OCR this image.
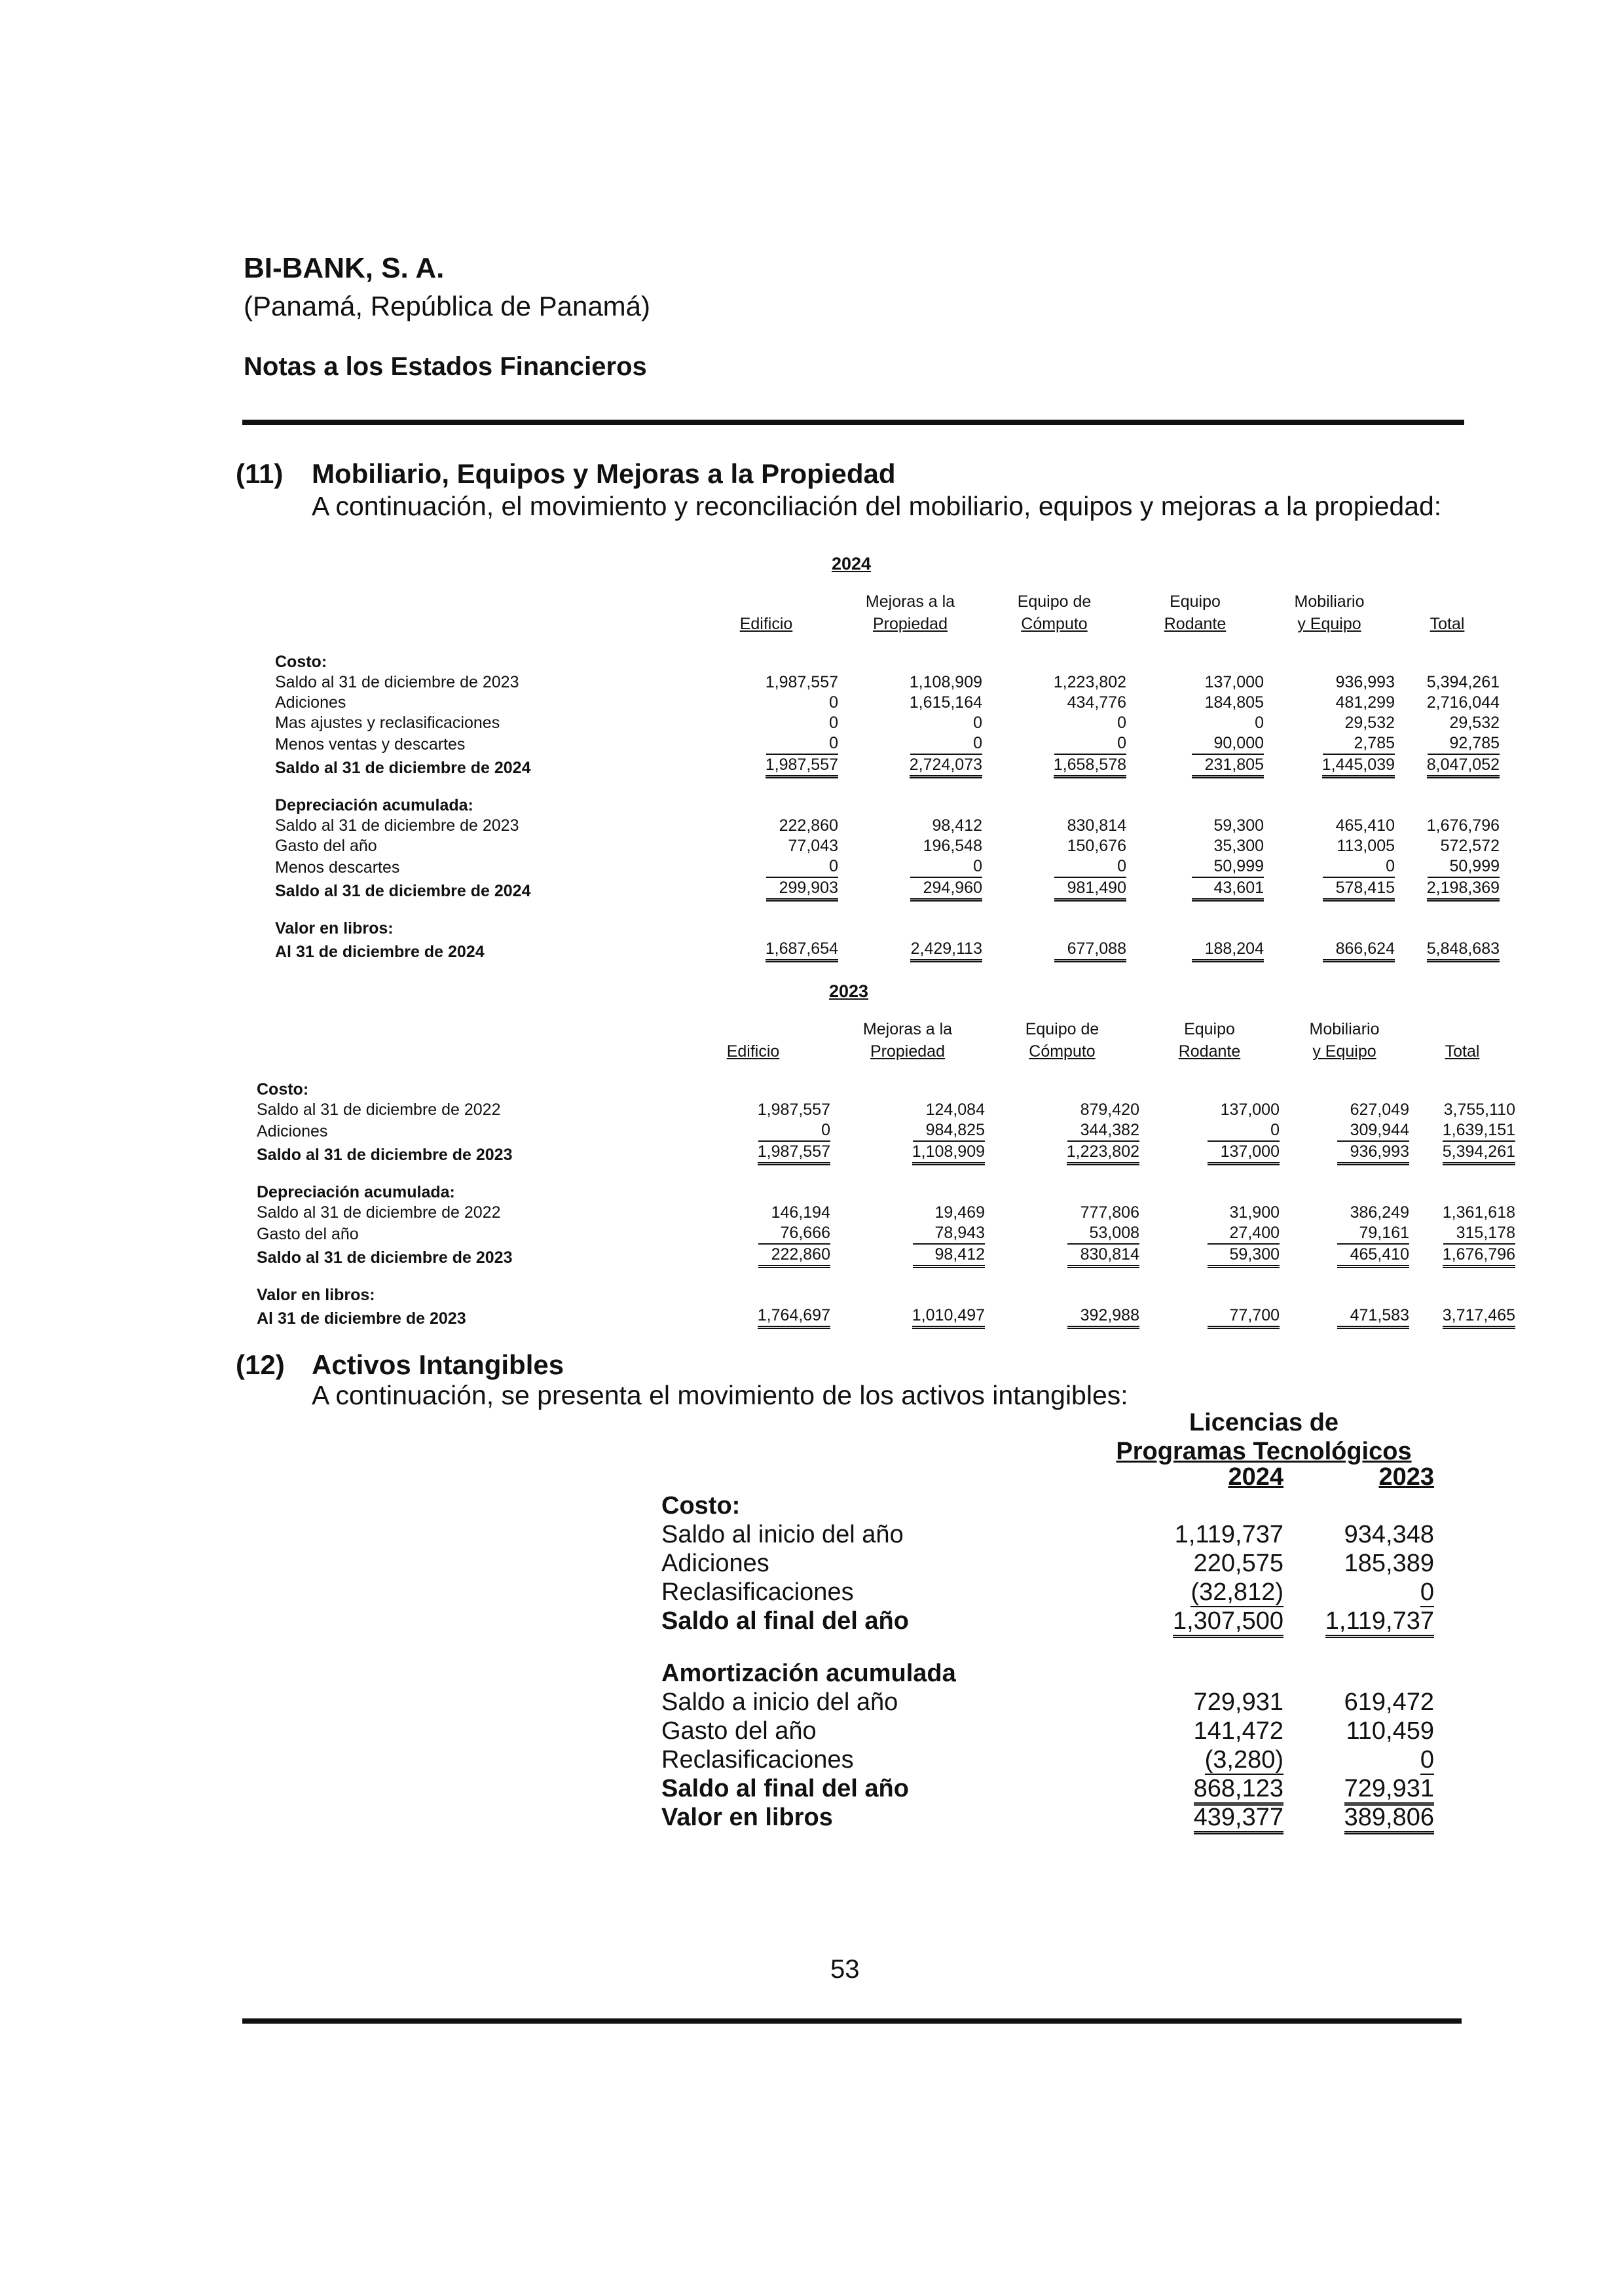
BI-BANK, S. A.
(Panamá, República de Panamá)
Notas a los Estados Financieros
(11) Mobiliario, Equipos y Mejoras a la Propiedad
A continuación, el movimiento y reconciliación del mobiliario, equipos y mejoras a la propiedad:
2024
		Mejoras a la	Equipo de	Equipo	Mobiliario	
	Edificio	Propiedad	Cómputo	Rodante	y Equipo	Total

Costo:						
Saldo al 31 de diciembre de 2023	1,987,557	1,108,909	1,223,802	137,000	936,993	5,394,261
Adiciones	0	1,615,164	434,776	184,805	481,299	2,716,044
Mas ajustes y reclasificaciones	0	0	0	0	29,532	29,532
Menos ventas y descartes	0	0	0	90,000	2,785	92,785
Saldo al 31 de diciembre de 2024	1,987,557	2,724,073	1,658,578	231,805	1,445,039	8,047,052

Depreciación acumulada:						
Saldo al 31 de diciembre de 2023	222,860	98,412	830,814	59,300	465,410	1,676,796
Gasto del año	77,043	196,548	150,676	35,300	113,005	572,572
Menos descartes	0	0	0	50,999	0	50,999
Saldo al 31 de diciembre de 2024	299,903	294,960	981,490	43,601	578,415	2,198,369

Valor en libros:						
Al 31 de diciembre de 2024	1,687,654	2,429,113	677,088	188,204	866,624	5,848,683
2023
		Mejoras a la	Equipo de	Equipo	Mobiliario	
	Edificio	Propiedad	Cómputo	Rodante	y Equipo	Total

Costo:						
Saldo al 31 de diciembre de 2022	1,987,557	124,084	879,420	137,000	627,049	3,755,110
Adiciones	0	984,825	344,382	0	309,944	1,639,151
Saldo al 31 de diciembre de 2023	1,987,557	1,108,909	1,223,802	137,000	936,993	5,394,261

Depreciación acumulada:						
Saldo al 31 de diciembre de 2022	146,194	19,469	777,806	31,900	386,249	1,361,618
Gasto del año	76,666	78,943	53,008	27,400	79,161	315,178
Saldo al 31 de diciembre de 2023	222,860	98,412	830,814	59,300	465,410	1,676,796

Valor en libros:						
Al 31 de diciembre de 2023	1,764,697	1,010,497	392,988	77,700	471,583	3,717,465
(12) Activos Intangibles
A continuación, se presenta el movimiento de los activos intangibles:
Licencias de
Programas Tecnológicos
	2024	2023
Costo:		
Saldo al inicio del año	1,119,737	934,348
Adiciones	220,575	185,389
Reclasificaciones	(32,812)	0
Saldo al final del año	1,307,500	1,119,737

Amortización acumulada		
Saldo a inicio del año	729,931	619,472
Gasto del año	141,472	110,459
Reclasificaciones	(3,280)	0
Saldo al final del año	868,123	729,931
Valor en libros	439,377	389,806
53
